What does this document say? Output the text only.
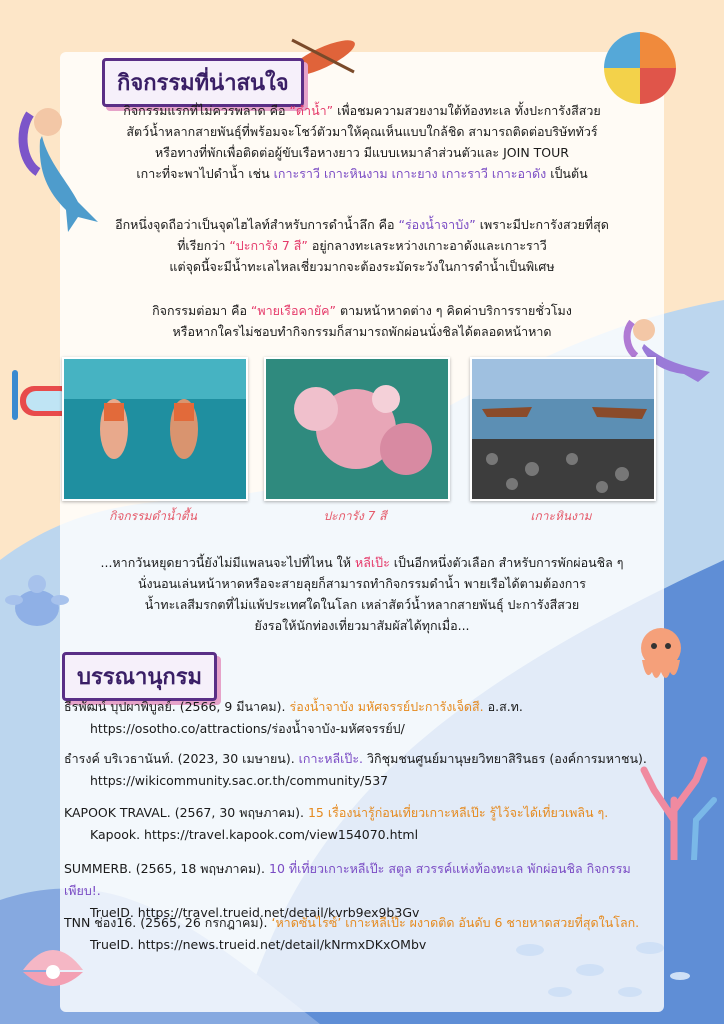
กิจกรรมที่น่าสนใจ
กิจกรรมแรกที่ไม่ควรพลาด คือ “ดำน้ำ” เพื่อชมความสวยงามใต้ท้องทะเล ทั้งปะการังสีสวย
สัตว์น้ำหลากสายพันธุ์ที่พร้อมจะโชว์ตัวมาให้คุณเห็นแบบใกล้ชิด สามารถติดต่อบริษัททัวร์
หรือทางที่พักเพื่อติดต่อผู้ขับเรือหางยาว มีแบบเหมาลำส่วนตัวและ JOIN TOUR
เกาะที่จะพาไปดำน้ำ เช่น เกาะราวี เกาะหินงาม เกาะยาง เกาะราวี เกาะอาดัง เป็นต้น
อีกหนึ่งจุดถือว่าเป็นจุดไฮไลท์สำหรับการดำน้ำลึก คือ “ร่องน้ำจาบัง” เพราะมีปะการังสวยที่สุด
ที่เรียกว่า “ปะการัง 7 สี” อยู่กลางทะเลระหว่างเกาะอาดังและเกาะราวี
แต่จุดนี้จะมีน้ำทะเลไหลเชี่ยวมากจะต้องระมัดระวังในการดำน้ำเป็นพิเศษ
กิจกรรมต่อมา คือ “พายเรือคายัค” ตามหน้าหาดต่าง ๆ คิดค่าบริการรายชั่วโมง
หรือหากใครไม่ชอบทำกิจกรรมก็สามารถพักผ่อนนั่งชิลได้ตลอดหน้าหาด
กิจกรรมดำน้ำตื้น	ปะการัง 7 สี	เกาะหินงาม
...หากวันหยุดยาวนี้ยังไม่มีแพลนจะไปที่ไหน ให้ หลีเป๊ะ เป็นอีกหนึ่งตัวเลือก สำหรับการพักผ่อนชิล ๆ
นั่งนอนเล่นหน้าหาดหรือจะสายลุยก็สามารถทำกิจกรรมดำน้ำ พายเรือได้ตามต้องการ
น้ำทะเลสีมรกตที่ไม่แพ้ประเทศใดในโลก เหล่าสัตว์น้ำหลากสายพันธุ์ ปะการังสีสวย
ยังรอให้นักท่องเที่ยวมาสัมผัสได้ทุกเมื่อ...
บรรณานุกรม
ธีรพัฒน์ บุปผาพิบูลย์. (2566, 9 มีนาคม). ร่องน้ำจาบัง มหัศจรรย์ปะการังเจ็ดสี. อ.ส.ท.
https://osotho.co/attractions/ร่องน้ำจาบัง-มหัศจรรย์ป/
ธำรงค์ บริเวธานันท์. (2023, 30 เมษายน). เกาะหลีเป๊ะ. วิกิชุมชนศูนย์มานุษยวิทยาสิรินธร (องค์การมหาชน).
https://wikicommunity.sac.or.th/community/537
KAPOOK TRAVAL. (2567, 30 พฤษภาคม). 15 เรื่องน่ารู้ก่อนเที่ยวเกาะหลีเป๊ะ รู้ไว้จะได้เที่ยวเพลิน ๆ.
Kapook. https://travel.kapook.com/view154070.html
SUMMERB. (2565, 18 พฤษภาคม). 10 ที่เที่ยวเกาะหลีเป๊ะ สตูล สวรรค์แห่งท้องทะเล พักผ่อนชิล กิจกรรมเพียบ!.
TrueID. https://travel.trueid.net/detail/kvrb9ex9b3Gv
TNN ช่อง16. (2565, 26 กรกฎาคม). ‘หาดซันไรซ์’ เกาะหลีเป๊ะ ผงาดติด อันดับ 6 ชายหาดสวยที่สุดในโลก.
TrueID. https://news.trueid.net/detail/kNrmxDKxOMbv
